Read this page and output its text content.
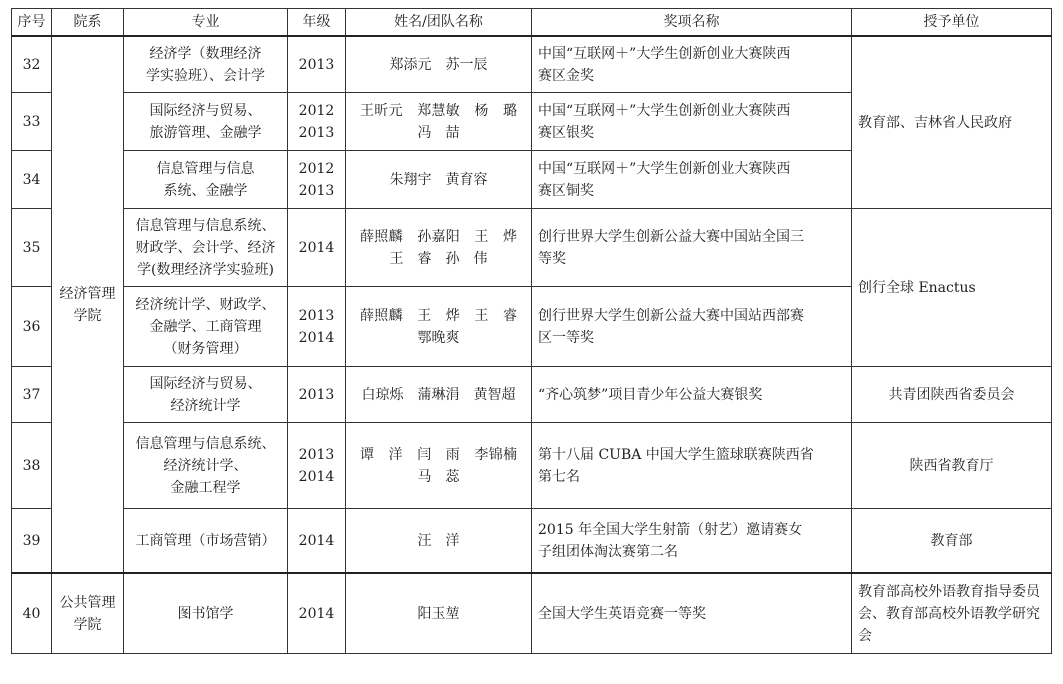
序号	院系	专业	年级	姓名/团队名称	奖项名称	授予单位
32	经济管理学院	经济学（数理经济
学实验班）、会计学	2013	郑添元　苏一辰	中国“互联网＋”大学生创新创业大赛陕西
赛区金奖	教育部、吉林省人民政府
33		国际经济与贸易、
旅游管理、金融学	2012
2013	王昕元　郑慧敏　杨　璐
冯　喆	中国“互联网＋”大学生创新创业大赛陕西
赛区银奖	

34		信息管理与信息
系统、金融学	2012
2013	朱翔宇　黄育容	中国“互联网＋”大学生创新创业大赛陕西
赛区铜奖	

35		信息管理与信息系统、
财政学、会计学、经济
学(数理经济学实验班)	2014	薛照麟　孙嘉阳　王　烨
王　睿　孙　伟	创行世界大学生创新公益大赛中国站全国三
等奖	创行全球 Enactus
36		经济统计学、财政学、
金融学、工商管理
（财务管理）	2013
2014	薛照麟　王　烨　王　睿
鄂晚爽	创行世界大学生创新公益大赛中国站西部赛
区一等奖	

37		国际经济与贸易、
经济统计学	2013	白琼烁　蒲琳涓　黄智超	“齐心筑梦”项目青少年公益大赛银奖	共青团陕西省委员会
38		信息管理与信息系统、
经济统计学、
金融工程学	2013
2014	谭　洋　闫　雨　李锦楠
马　蕊	第十八届 CUBA 中国大学生篮球联赛陕西省
第七名	陕西省教育厅
39		工商管理（市场营销）	2014	汪　洋	2015 年全国大学生射箭（射艺）邀请赛女
子组团体淘汰赛第二名	教育部
40	公共管理学院	图书馆学	2014	阳玉堃	全国大学生英语竞赛一等奖	教育部高校外语教育指导委员会、教育部高校外语教学研究会
